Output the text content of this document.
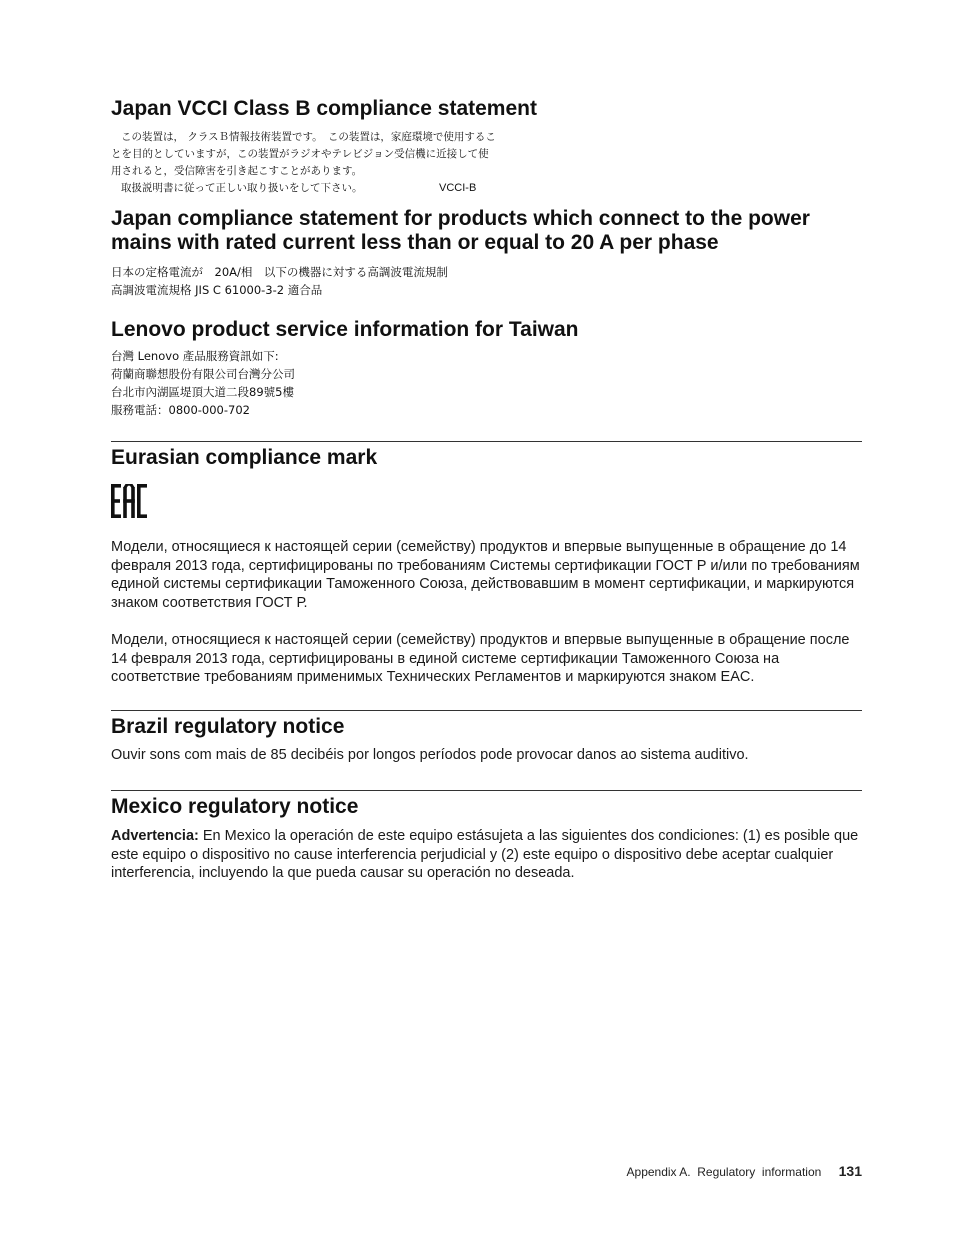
Japan VCCI Class B compliance statement
この装置は， クラスＢ情報技術装置です。　この装置は，家庭環境で使用するこ
とを目的としていますが，この装置がラジオやテレビジョン受信機に近接して使
用されると，受信障害を引き起こすことがあります。
取扱説明書に従って正しい取り扱いをして下さい。	VCCI-B
Japan compliance statement for products which connect to the power
mains with rated current less than or equal to 20 A per phase
日本の定格電流が　20A/相　以下の機器に対する高調波電流規制
高調波電流規格 JIS C 61000-3-2 適合品
Lenovo product service information for Taiwan
台灣 Lenovo 產品服務資訊如下:
荷蘭商聯想股份有限公司台灣分公司
台北市內湖區堤頂大道二段89號5樓
服務電話：0800-000-702
Eurasian compliance mark

Модели, относящиеся к настоящей серии (семейству) продуктов и впервые выпущенные в обращение до 14 февраля 2013 года, сертифицированы по требованиям Системы сертификации ГОСТ Р и/или по требованиям единой системы сертификации Таможенного Союза, действовавшим в момент сертификации, и маркируются знаком соответствия ГОСТ Р.

Модели, относящиеся к настоящей серии (семейству) продуктов и впервые выпущенные в обращение после 14 февраля 2013 года, сертифицированы в единой системе сертификации Таможенного Союза на соответствие требованиям применимых Технических Регламентов и маркируются знаком EAC.

Brazil regulatory notice

Ouvir sons com mais de 85 decibéis por longos períodos pode provocar danos ao sistema auditivo.

Mexico regulatory notice

Advertencia: En Mexico la operación de este equipo estásujeta a las siguientes dos condiciones: (1) es posible que este equipo o dispositivo no cause interferencia perjudicial y (2) este equipo o dispositivo debe aceptar cualquier interferencia, incluyendo la que pueda causar su operación no deseada.

Appendix A.  Regulatory  information 131
